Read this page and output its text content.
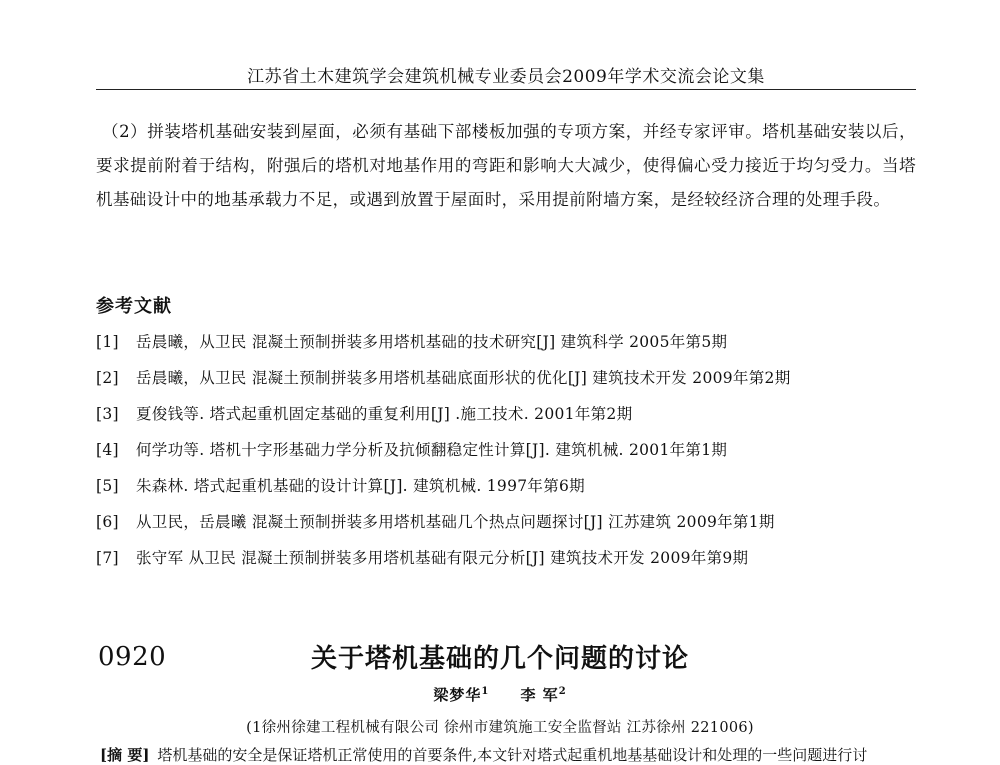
江苏省土木建筑学会建筑机械专业委员会2009年学术交流会论文集
（2）拼装塔机基础安装到屋面，必须有基础下部楼板加强的专项方案，并经专家评审。塔机基础安装以后，要求提前附着于结构，附强后的塔机对地基作用的弯距和影响大大减少，使得偏心受力接近于均匀受力。当塔机基础设计中的地基承载力不足，或遇到放置于屋面时，采用提前附墙方案，是经较经济合理的处理手段。
参考文献
[1] 岳晨曦，从卫民 混凝土预制拼装多用塔机基础的技术研究[J] 建筑科学 2005年第5期
[2] 岳晨曦，从卫民 混凝土预制拼装多用塔机基础底面形状的优化[J] 建筑技术开发 2009年第2期
[3] 夏俊钱等. 塔式起重机固定基础的重复利用[J] .施工技术. 2001年第2期
[4] 何学功等. 塔机十字形基础力学分析及抗倾翻稳定性计算[J]. 建筑机械. 2001年第1期
[5] 朱森林. 塔式起重机基础的设计计算[J]. 建筑机械. 1997年第6期
[6] 从卫民，岳晨曦 混凝土预制拼装多用塔机基础几个热点问题探讨[J] 江苏建筑 2009年第1期
[7] 张守军 从卫民 混凝土预制拼装多用塔机基础有限元分析[J] 建筑技术开发 2009年第9期
0920	关于塔机基础的几个问题的讨论
梁梦华$^1$ 李 军$^2$
(1徐州徐建工程机械有限公司 徐州市建筑施工安全监督站 江苏徐州 221006)
[摘 要] 塔机基础的安全是保证塔机正常使用的首要条件,本文针对塔式起重机地基基础设计和处理的一些问题进行讨
